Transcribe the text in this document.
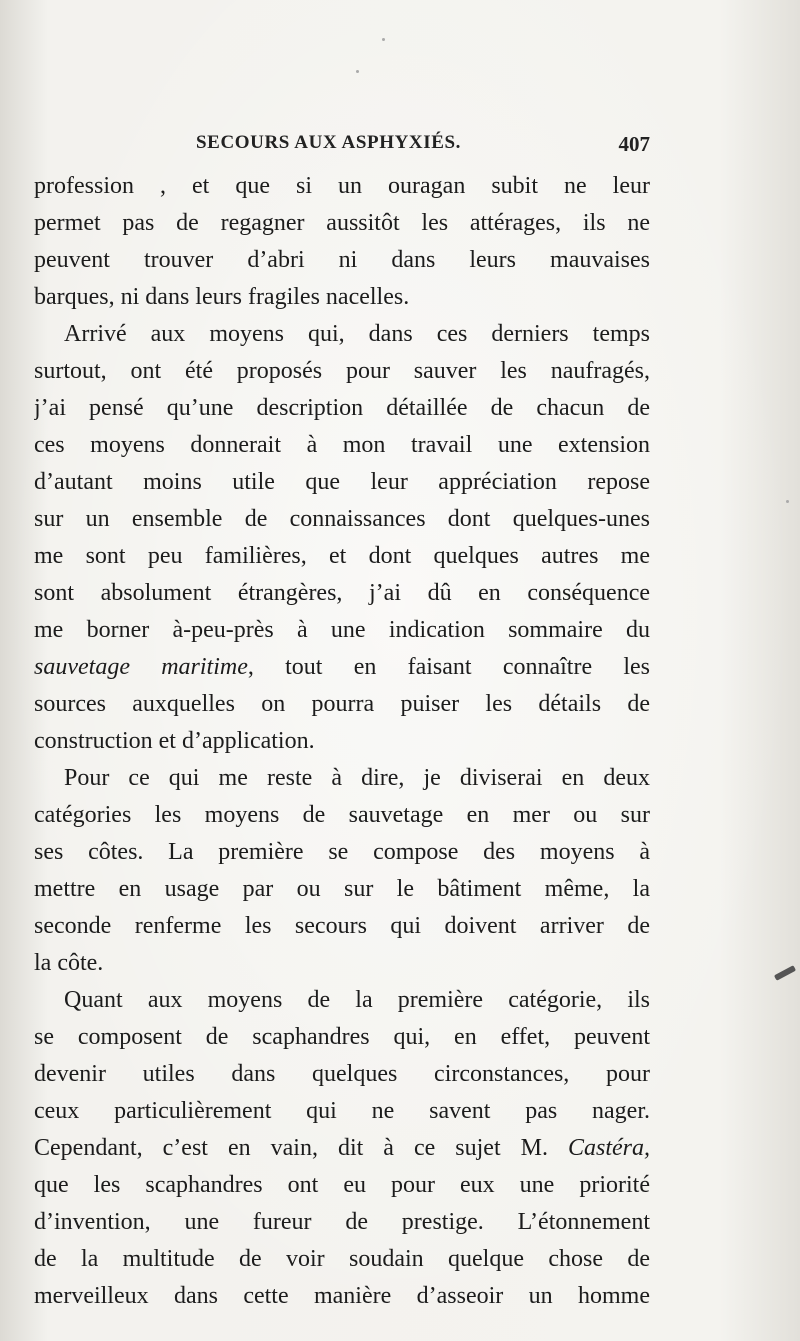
SECOURS AUX ASPHYXIÉS.	407
profession , et que si un ouragan subit ne leur
permet pas de regagner aussitôt les attérages, ils ne
peuvent trouver d’abri ni dans leurs mauvaises
barques, ni dans leurs fragiles nacelles.
Arrivé aux moyens qui, dans ces derniers temps
surtout, ont été proposés pour sauver les naufragés,
j’ai pensé qu’une description détaillée de chacun de
ces moyens donnerait à mon travail une extension
d’autant moins utile que leur appréciation repose
sur un ensemble de connaissances dont quelques-unes
me sont peu familières, et dont quelques autres me
sont absolument étrangères, j’ai dû en conséquence
me borner à-peu-près à une indication sommaire du
sauvetage maritime, tout en faisant connaître les
sources auxquelles on pourra puiser les détails de
construction et d’application.
Pour ce qui me reste à dire, je diviserai en deux
catégories les moyens de sauvetage en mer ou sur
ses côtes. La première se compose des moyens à
mettre en usage par ou sur le bâtiment même, la
seconde renferme les secours qui doivent arriver de
la côte.
Quant aux moyens de la première catégorie, ils
se composent de scaphandres qui, en effet, peuvent
devenir utiles dans quelques circonstances, pour
ceux particulièrement qui ne savent pas nager.
Cependant, c’est en vain, dit à ce sujet M. Castéra,
que les scaphandres ont eu pour eux une priorité
d’invention, une fureur de prestige. L’étonnement
de la multitude de voir soudain quelque chose de
merveilleux dans cette manière d’asseoir un homme
